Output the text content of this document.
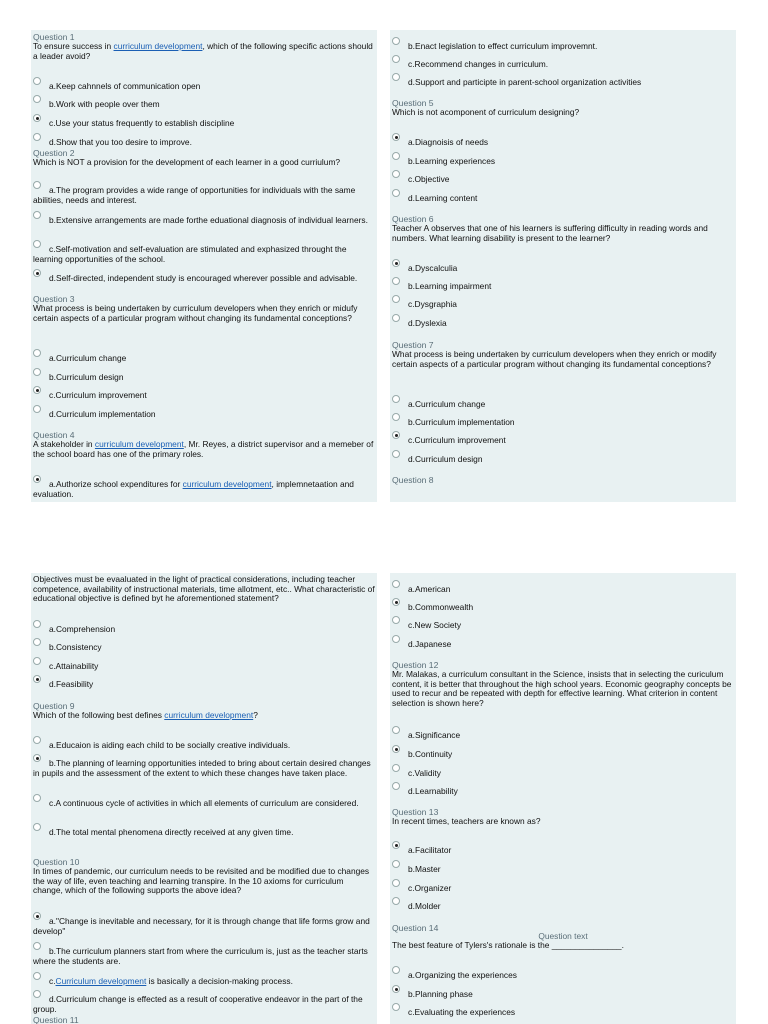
Question 1
To ensure success in curriculum development, which of the following specific actions should a leader avoid?
a.Keep cahnnels of communication open
b.Work with people over them
c.Use your status frequently to establish discipline
d.Show that you too desire to improve.
Question 2
Which is NOT a provision for the development of each learner in a good curriulum?
a.The program provides a wide range of opportunities for individuals with the same abilities, needs and interest.
b.Extensive arrangements are made forthe eduational diagnosis of individual learners.
c.Self-motivation and self-evaluation are stimulated and exphasized throught the learning opportunities of the school.
d.Self-directed, independent study is encouraged wherever possible and advisable.
Question 3
What process is being undertaken by curriculum developers when they enrich or midufy certain aspects of a particular program without changing its fundamental conceptions?
a.Curriculum change
b.Curriculum design
c.Curriculum improvement
d.Curriculum implementation
Question 4
A stakeholder in curriculum development, Mr. Reyes, a district supervisor and a memeber of the school board has one of the primary roles.
a.Authorize school expenditures for curriculum development, implemnetaation and evaluation.
b.Enact legislation to effect curriculum improvemnt.
c.Recommend changes in curriculum.
d.Support and participte in parent-school organization activities
Question 5
Which is not acomponent of curriculum designing?
a.Diagnoisis of needs
b.Learning experiences
c.Objective
d.Learning content
Question 6
Teacher A observes that one of his learners is suffering difficulty in reading words and numbers. What learning disability is present to the learner?
a.Dyscalculia
b.Learning impairment
c.Dysgraphia
d.Dyslexia
Question 7
What process is being undertaken by curriculum developers when they enrich or modify certain aspects of a particular program without changing its fundamental conceptions?
a.Curriculum change
b.Curriculum implementation
c.Curriculum improvement
d.Curriculum design
Question 8
Objectives must be evaaluated in the light of practical considerations, including teacher competence, availability of instructional materials, time allotment, etc.. What characteristic of educational objective is defined byt he aforementioned statement?
a.Comprehension
b.Consistency
c.Attainability
d.Feasibility
Question 9
Which of the following best defines curriculum development?
a.Educaion is aiding each child to be socially creative individuals.
b.The planning of learning opportunities inteded to bring about certain desired changes in pupils and the assessment of the extent to which these changes have taken place.
c.A continuous cycle of activities in which all elements of curriculum are considered.
d.The total mental phenomena directly received at any given time.
Question 10
In times of pandemic, our curriculum needs to be revisited and be modified due to changes the way of life, even teaching and learning transpire. In the 10 axioms for curriculum change, which of the following supports the above idea?
a."Change is inevitable and necessary, for it is through change that life forms grow and develop"
b.The curriculum planners start from where the curriculum is, just as the teacher starts where the students are.
c.Curriculum development is basically a decision-making process.
d.Curriculum change is effected as a result of cooperative endeavor in the part of the group.
Question 11
a.American
b.Commonwealth
c.New Society
d.Japanese
Question 12
Mr. Malakas, a curriculum consultant in the Science, insists that in selecting the curiculum content, it is better that throughout the high school years. Economic geography concepts be used to recur and be repeated with depth for effective learning. What criterion in content selection is shown here?
a.Significance
b.Continuity
c.Validity
d.Learnability
Question 13
In recent times, teachers are known as?
a.Facilitator
b.Master
c.Organizer
d.Molder
Question 14
Question text
The best feature of Tylers's rationale is the _______________.
a.Organizing the experiences
b.Planning phase
c.Evaluating the experiences
